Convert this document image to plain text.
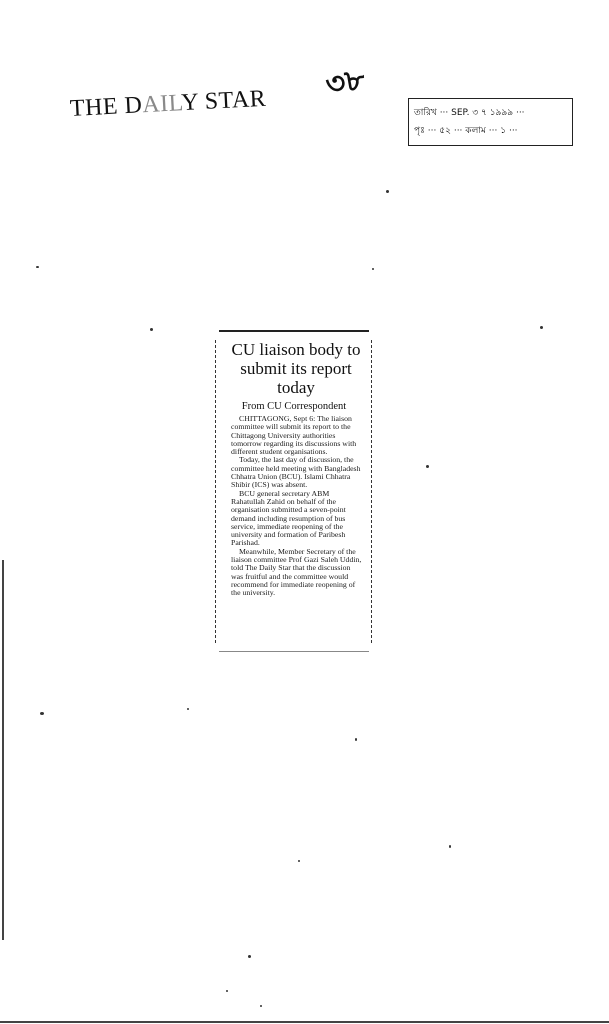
THE DAILY STAR ৩৮
তারিখ ··· SEP. ৩ ৭ ১৯৯৯ ···
পৃঃ ··· ৫২ ··· কলাম ··· ১ ···
CU liaison body to submit its report today
From CU Correspondent

CHITTAGONG, Sept 6: The liaison committee will submit its report to the Chittagong University authorities tomorrow regarding its discussions with different student organisations.

Today, the last day of discussion, the committee held meeting with Bangladesh Chhatra Union (BCU). Islami Chhatra Shibir (ICS) was absent.

BCU general secretary ABM Rahatullah Zahid on behalf of the organisation submitted a seven-point demand including resumption of bus service, immediate reopening of the university and formation of Paribesh Parishad.

Meanwhile, Member Secretary of the liaison committee Prof Gazi Saleh Uddin, told The Daily Star that the discussion was fruitful and the committee would recommend for immediate reopening of the university.
